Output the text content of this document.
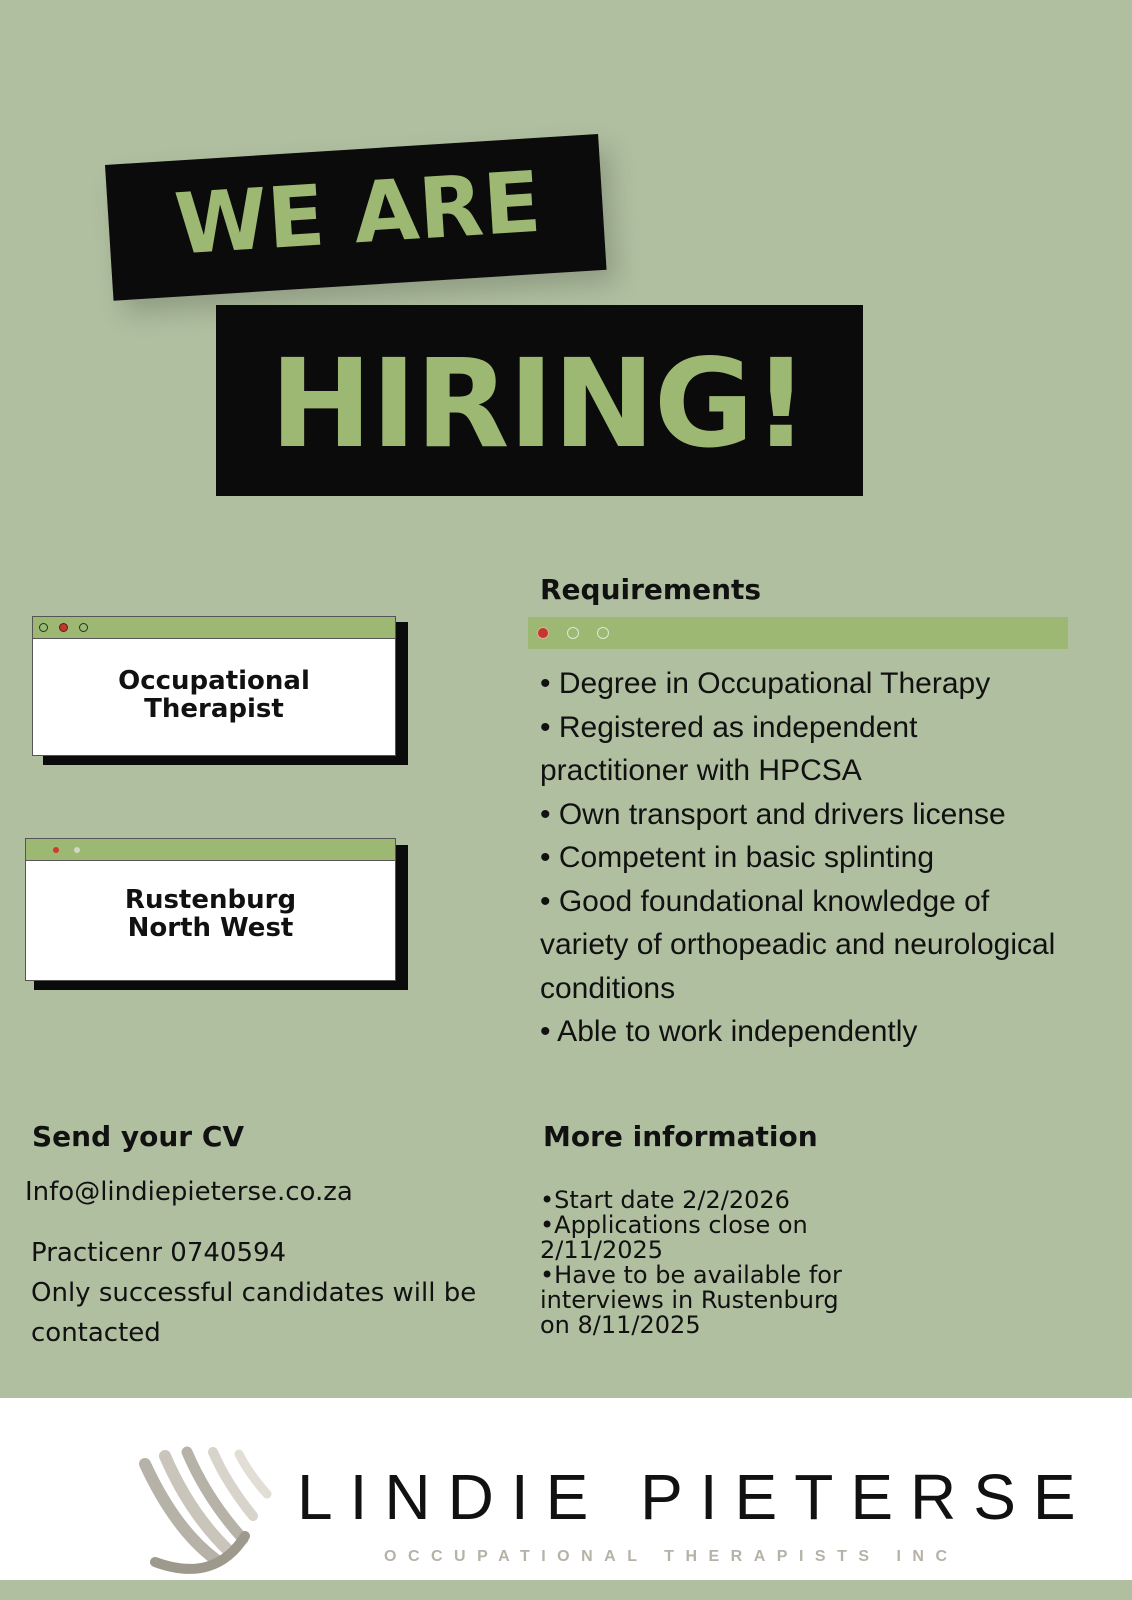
WE ARE
HIRING!
Occupational
Therapist
Rustenburg
North West
Requirements
• Degree in Occupational Therapy
• Registered as independent practitioner with HPCSA
• Own transport and drivers license
• Competent in basic splinting
• Good foundational knowledge of variety of orthopeadic and neurological conditions
• Able to work independently
Send your CV
Info@lindiepieterse.co.za
Practicenr 0740594
Only successful candidates will be contacted
More information
•Start date 2/2/2026
•Applications close on 2/11/2025
•Have to be available for interviews in Rustenburg on 8/11/2025
LINDIE PIETERSE
OCCUPATIONAL THERAPISTS INC
